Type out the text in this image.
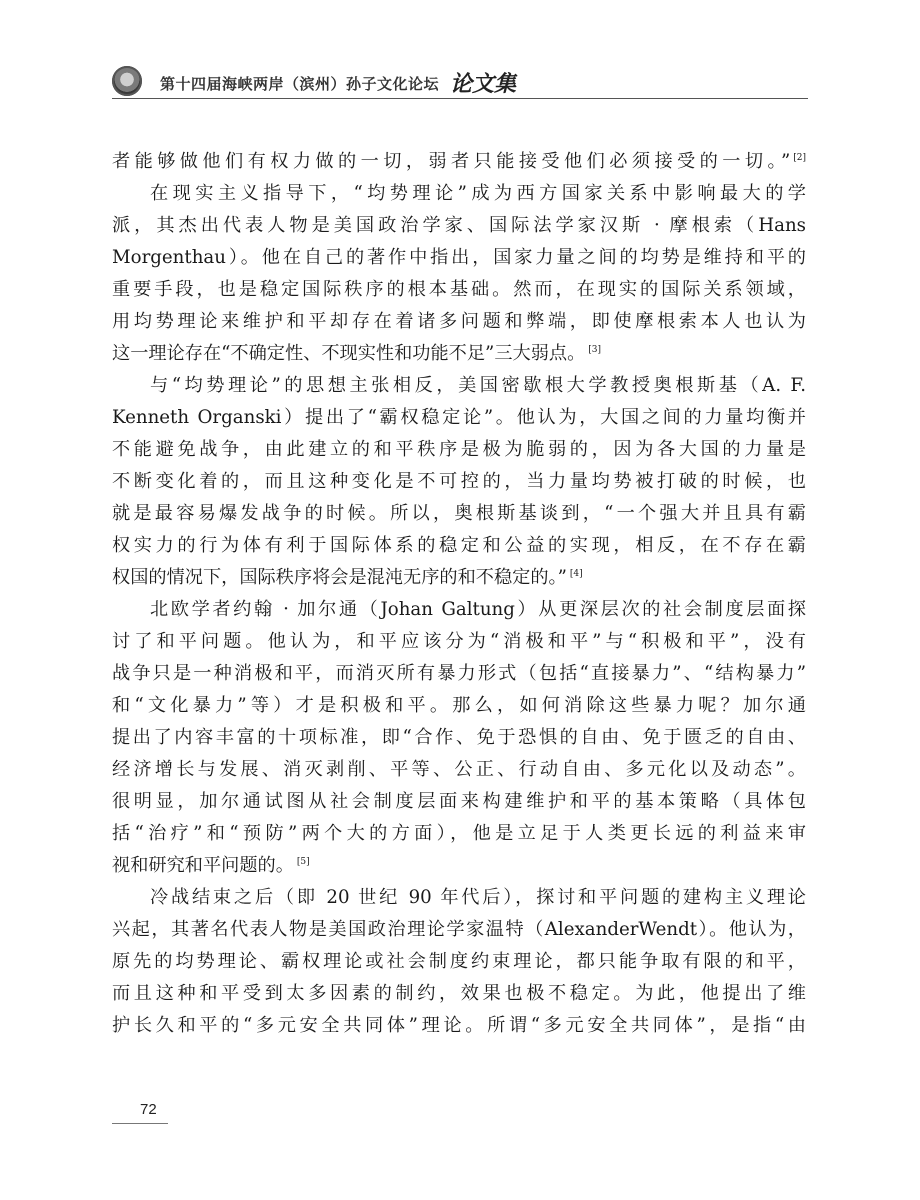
第十四届海峡两岸（滨州）孙子文化论坛 论文集
者能够做他们有权力做的一切，弱者只能接受他们必须接受的一切。” [2]
在现实主义指导下，“均势理论”成为西方国家关系中影响最大的学
派，其杰出代表人物是美国政治学家、国际法学家汉斯 · 摩根索（Hans
Morgenthau）。他在自己的著作中指出，国家力量之间的均势是维持和平的
重要手段，也是稳定国际秩序的根本基础。然而，在现实的国际关系领域，
用均势理论来维护和平却存在着诸多问题和弊端，即使摩根索本人也认为
这一理论存在“不确定性、不现实性和功能不足”三大弱点。 [3]
与“均势理论”的思想主张相反，美国密歇根大学教授奥根斯基（A. F.
Kenneth Organski）提出了“霸权稳定论”。他认为，大国之间的力量均衡并
不能避免战争，由此建立的和平秩序是极为脆弱的，因为各大国的力量是
不断变化着的，而且这种变化是不可控的，当力量均势被打破的时候，也
就是最容易爆发战争的时候。所以，奥根斯基谈到，“一个强大并且具有霸
权实力的行为体有利于国际体系的稳定和公益的实现，相反，在不存在霸
权国的情况下，国际秩序将会是混沌无序的和不稳定的。” [4]
北欧学者约翰 · 加尔通（Johan Galtung）从更深层次的社会制度层面探
讨了和平问题。他认为，和平应该分为“消极和平”与“积极和平”，没有
战争只是一种消极和平，而消灭所有暴力形式（包括“直接暴力”、“结构暴力”
和“文化暴力”等）才是积极和平。那么，如何消除这些暴力呢？加尔通
提出了内容丰富的十项标准，即“合作、免于恐惧的自由、免于匮乏的自由、
经济增长与发展、消灭剥削、平等、公正、行动自由、多元化以及动态”。
很明显，加尔通试图从社会制度层面来构建维护和平的基本策略（具体包
括“治疗”和“预防”两个大的方面），他是立足于人类更长远的利益来审
视和研究和平问题的。 [5]
冷战结束之后（即 20 世纪 90 年代后），探讨和平问题的建构主义理论
兴起，其著名代表人物是美国政治理论学家温特（AlexanderWendt）。他认为，
原先的均势理论、霸权理论或社会制度约束理论，都只能争取有限的和平，
而且这种和平受到太多因素的制约，效果也极不稳定。为此，他提出了维
护长久和平的“多元安全共同体”理论。所谓“多元安全共同体”，是指“由
72
